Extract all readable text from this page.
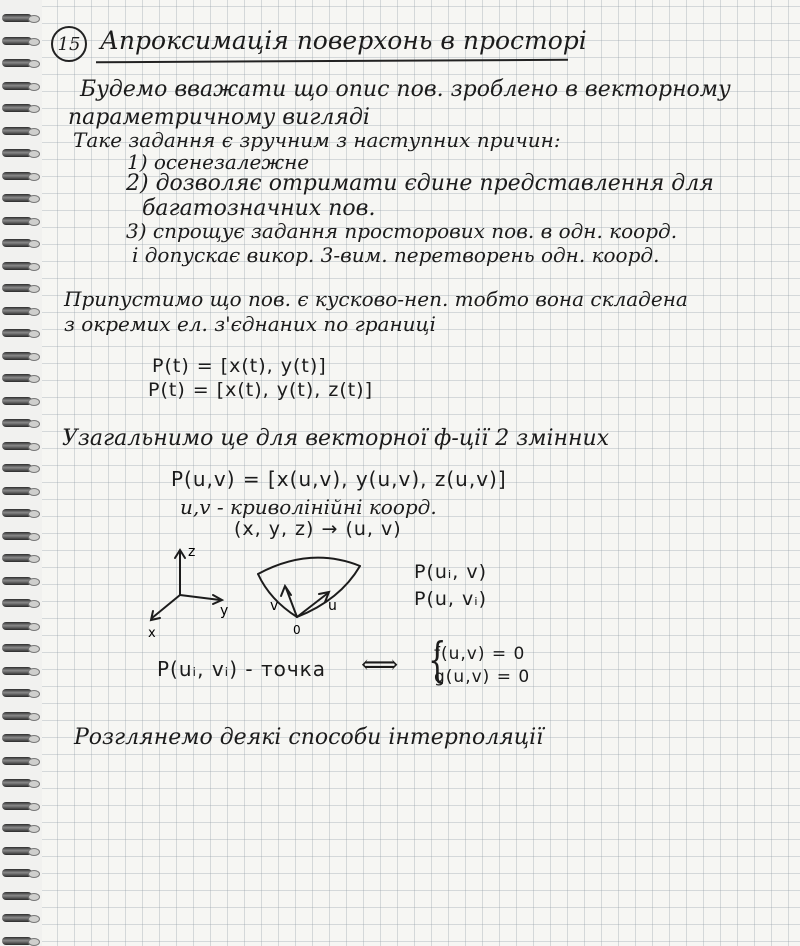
15 Апроксимація поверхонь в просторі
Будемо вважати що опис пов. зроблено в векторному
параметричному вигляді
Таке задання є зручним з наступних причин:
1) осенезалежне
2) дозволяє отримати єдине представлення для
багатозначних пов.
3) спрощує задання просторових пов. в одн. коорд.
і допускає викор. 3-вим. перетворень одн. коорд.
Припустимо що пов. є кусково-неп. тобто вона складена
з окремих ел. з'єднаних по границі
P(t) = [x(t), y(t)]
P(t) = [x(t), y(t), z(t)]
Узагальнимо це для векторної ф-ції 2 змінних
P(u,v) = [x(u,v), y(u,v), z(u,v)]
u,v - криволінійні коорд.
(x, y, z) → (u, v)
z
y
x
v	u
0
P(uᵢ, v)
P(u, vᵢ)
P(uᵢ, vᵢ) - точка ⟺ {
f(u,v) = 0
g(u,v) = 0
Розглянемо деякі способи інтерполяції
